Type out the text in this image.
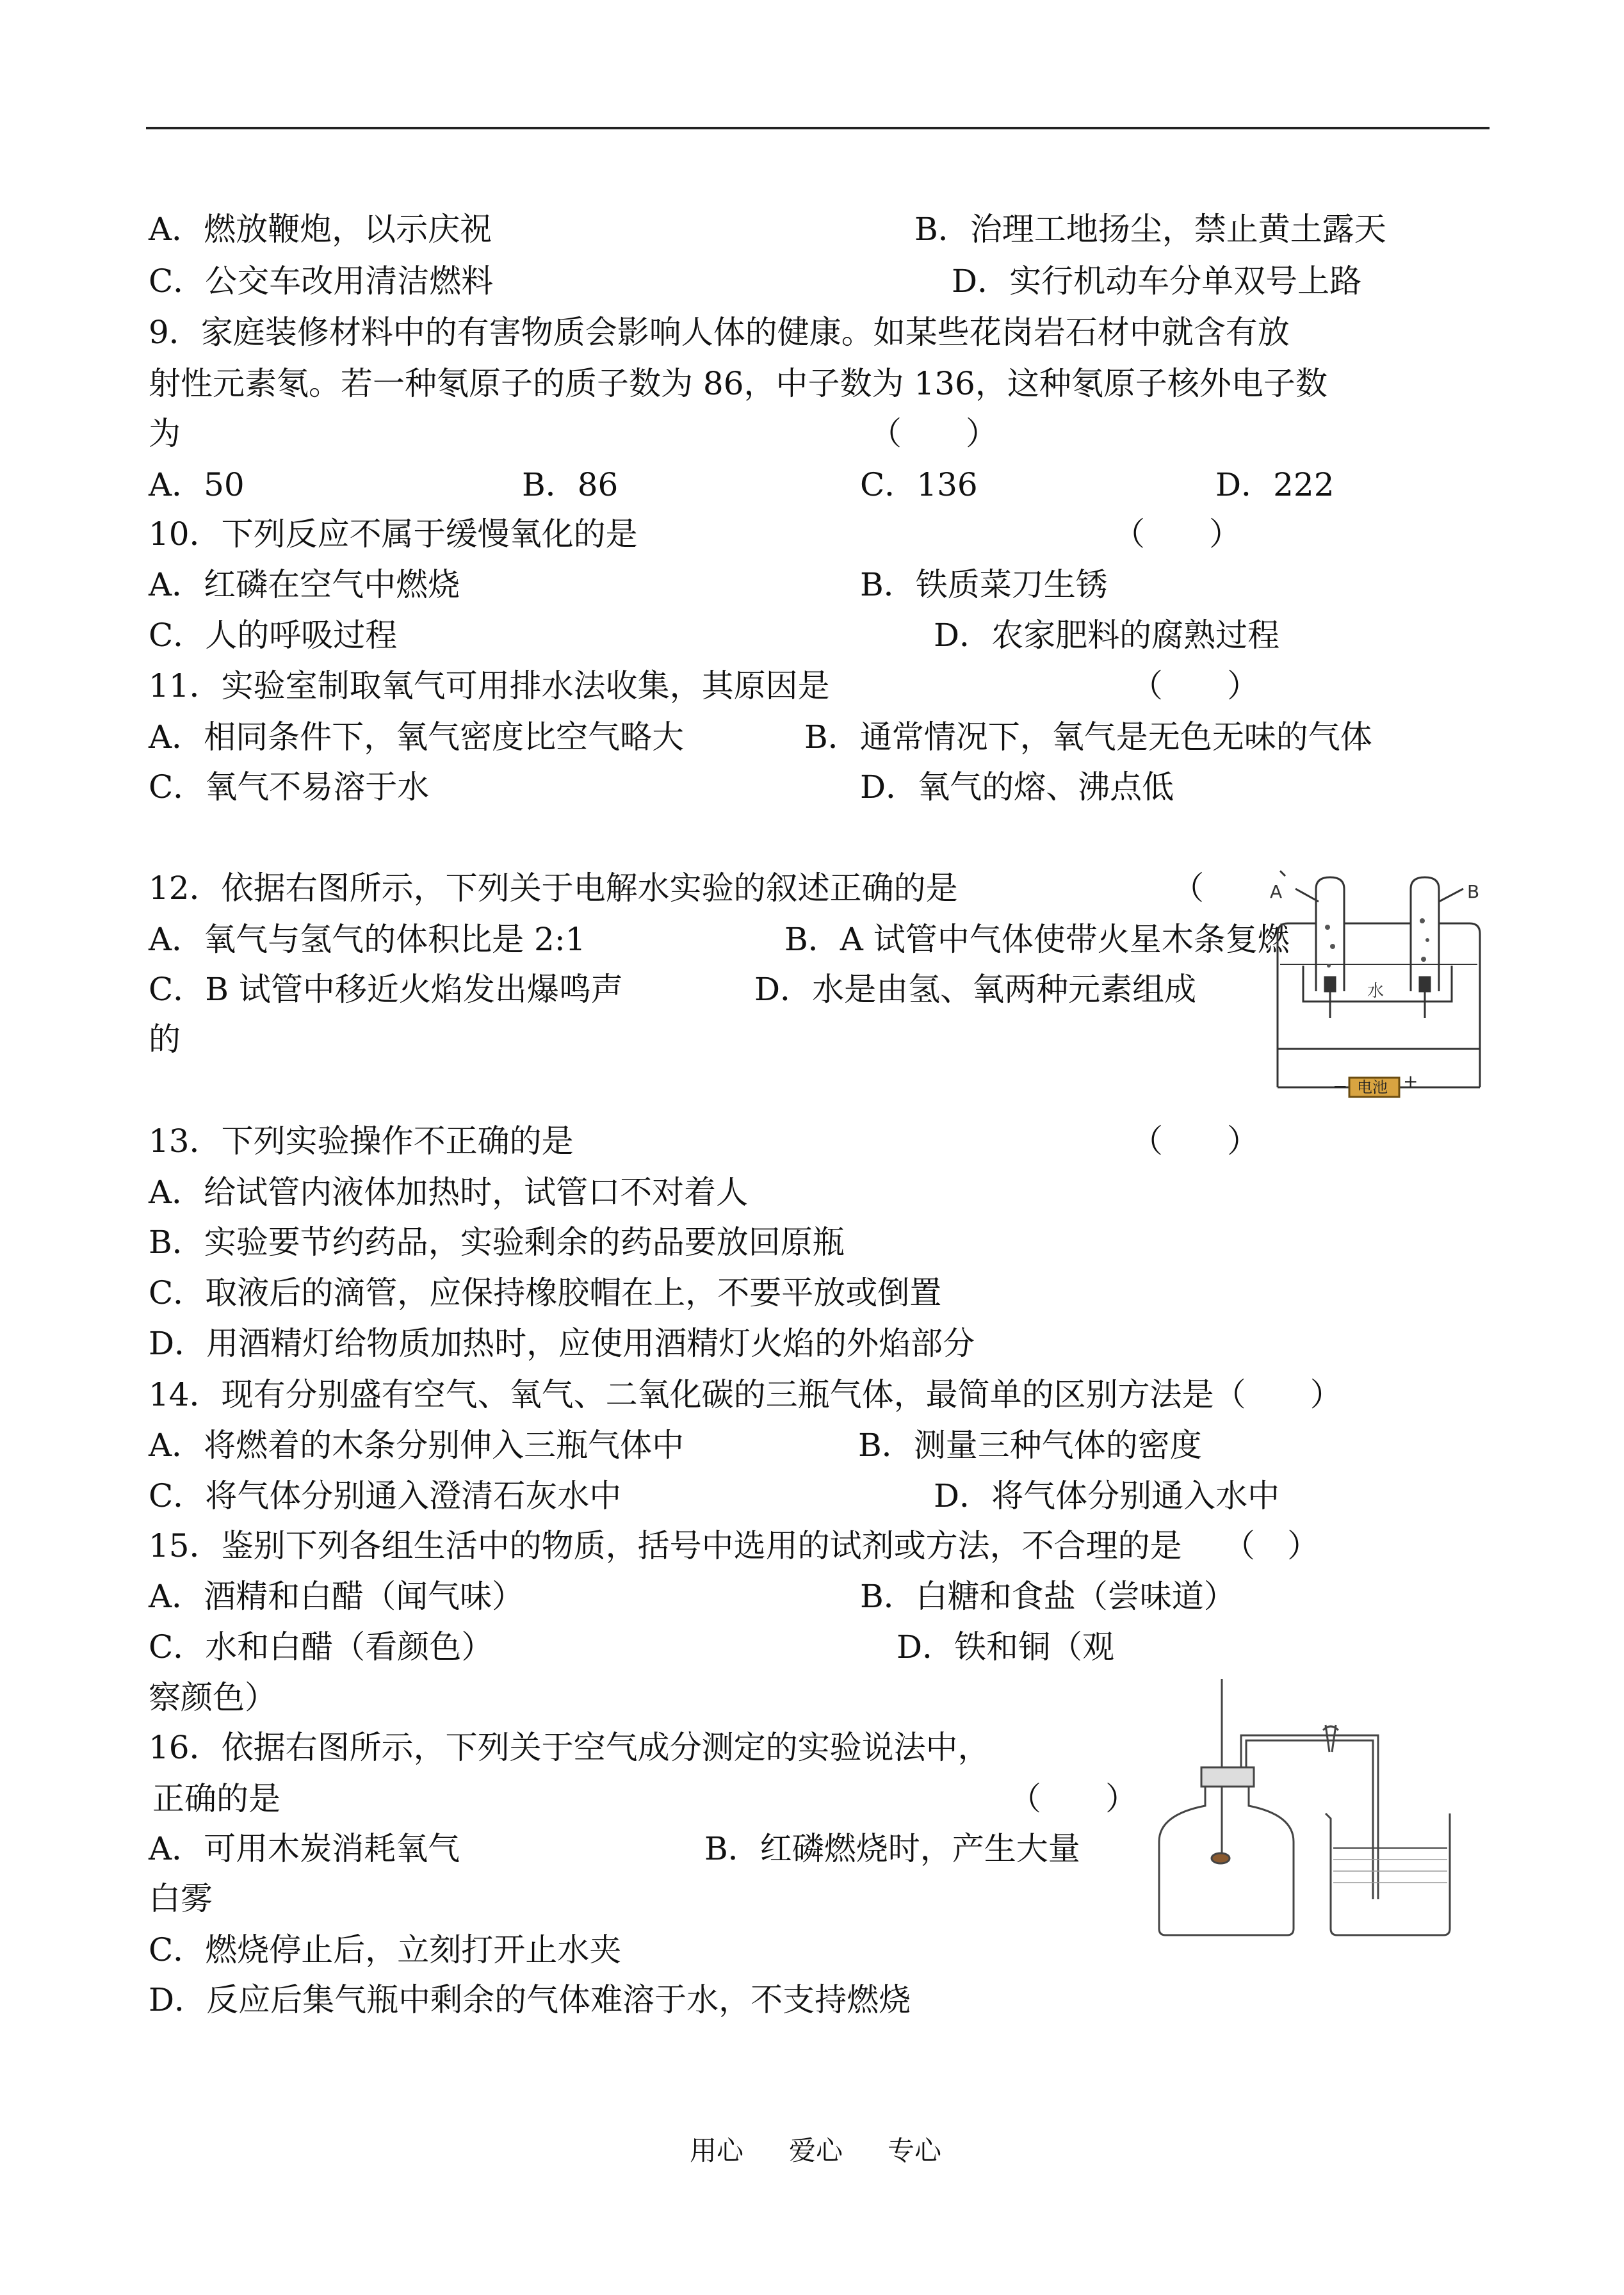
A．燃放鞭炮，以示庆祝	B．治理工地扬尘，禁止黄土露天
C．公交车改用清洁燃料	D．实行机动车分单双号上路
9．家庭装修材料中的有害物质会影响人体的健康。如某些花岗岩石材中就含有放
射性元素氡。若一种氡原子的质子数为 86，中子数为 136，这种氡原子核外电子数
为	（　　）
A．50	B．86	C．136	D．222
10．下列反应不属于缓慢氧化的是	（　　）
A．红磷在空气中燃烧	B．铁质菜刀生锈
C．人的呼吸过程	D．农家肥料的腐熟过程
11．实验室制取氧气可用排水法收集，其原因是	（　　）
A．相同条件下，氧气密度比空气略大	B．通常情况下，氧气是无色无味的气体
C．氧气不易溶于水	D．氧气的熔、沸点低
12．依据右图所示，下列关于电解水实验的叙述正确的是	（
A．氧气与氢气的体积比是 2:1	B．A 试管中气体使带火星木条复燃
C．B 试管中移近火焰发出爆鸣声	D．水是由氢、氧两种元素组成
的
A	B
水
电池
−	+
13．下列实验操作不正确的是	（　　）
A．给试管内液体加热时，试管口不对着人
B．实验要节约药品，实验剩余的药品要放回原瓶
C．取液后的滴管，应保持橡胶帽在上，不要平放或倒置
D．用酒精灯给物质加热时，应使用酒精灯火焰的外焰部分
14．现有分别盛有空气、氧气、二氧化碳的三瓶气体，最简单的区别方法是（　　）
A．将燃着的木条分别伸入三瓶气体中	B．测量三种气体的密度
C．将气体分别通入澄清石灰水中	D．将气体分别通入水中
15．鉴别下列各组生活中的物质，括号中选用的试剂或方法，不合理的是 （　）
A．酒精和白醋（闻气味）	B．白糖和食盐（尝味道）
C．水和白醋（看颜色）	D．铁和铜（观
察颜色）
16．依据右图所示，下列关于空气成分测定的实验说法中，
正确的是	（　　）
A．可用木炭消耗氧气	B．红磷燃烧时，产生大量
白雾
C．燃烧停止后，立刻打开止水夹
D．反应后集气瓶中剩余的气体难溶于水，不支持燃烧
用心 爱心 专心
